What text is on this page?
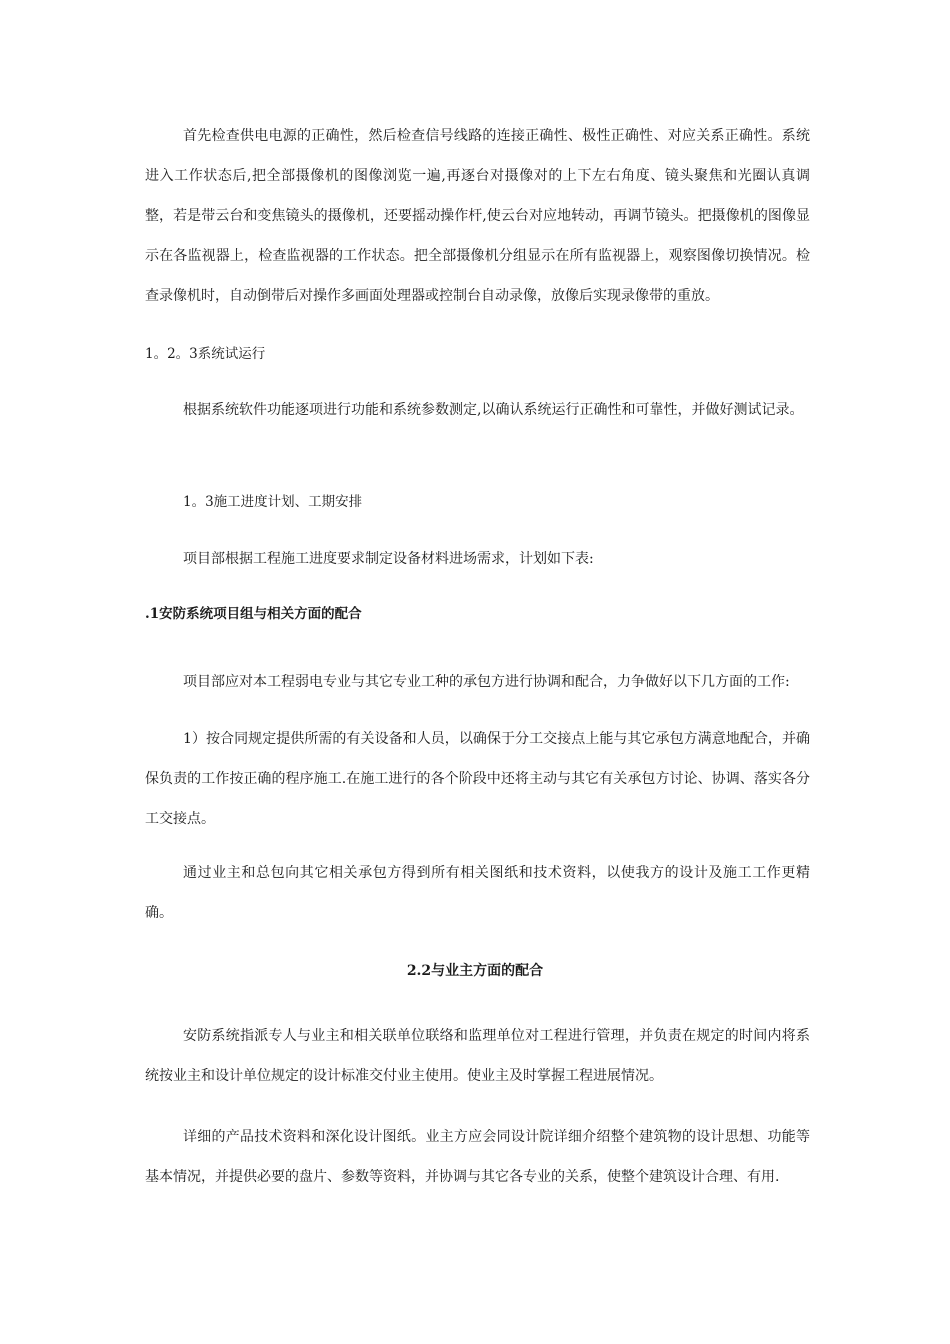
首先检查供电电源的正确性，然后检查信号线路的连接正确性、极性正确性、对应关系正确性。系统进入工作状态后,把全部摄像机的图像浏览一遍,再逐台对摄像对的上下左右角度、镜头聚焦和光圈认真调整，若是带云台和变焦镜头的摄像机，还要摇动操作杆,使云台对应地转动，再调节镜头。把摄像机的图像显示在各监视器上，检查监视器的工作状态。把全部摄像机分组显示在所有监视器上，观察图像切换情况。检查录像机时，自动倒带后对操作多画面处理器或控制台自动录像，放像后实现录像带的重放。

1。2。3系统试运行

根据系统软件功能逐项进行功能和系统参数测定,以确认系统运行正确性和可靠性，并做好测试记录。

1。3施工进度计划、工期安排

项目部根据工程施工进度要求制定设备材料进场需求，计划如下表:

.1安防系统项目组与相关方面的配合

项目部应对本工程弱电专业与其它专业工种的承包方进行协调和配合，力争做好以下几方面的工作:

1）按合同规定提供所需的有关设备和人员，以确保于分工交接点上能与其它承包方满意地配合，并确保负责的工作按正确的程序施工.在施工进行的各个阶段中还将主动与其它有关承包方讨论、协调、落实各分工交接点。

通过业主和总包向其它相关承包方得到所有相关图纸和技术资料，以使我方的设计及施工工作更精确。

2.2与业主方面的配合

安防系统指派专人与业主和相关联单位联络和监理单位对工程进行管理，并负责在规定的时间内将系统按业主和设计单位规定的设计标准交付业主使用。使业主及时掌握工程进展情况。

详细的产品技术资料和深化设计图纸。业主方应会同设计院详细介绍整个建筑物的设计思想、功能等基本情况，并提供必要的盘片、参数等资料，并协调与其它各专业的关系，使整个建筑设计合理、有用.
